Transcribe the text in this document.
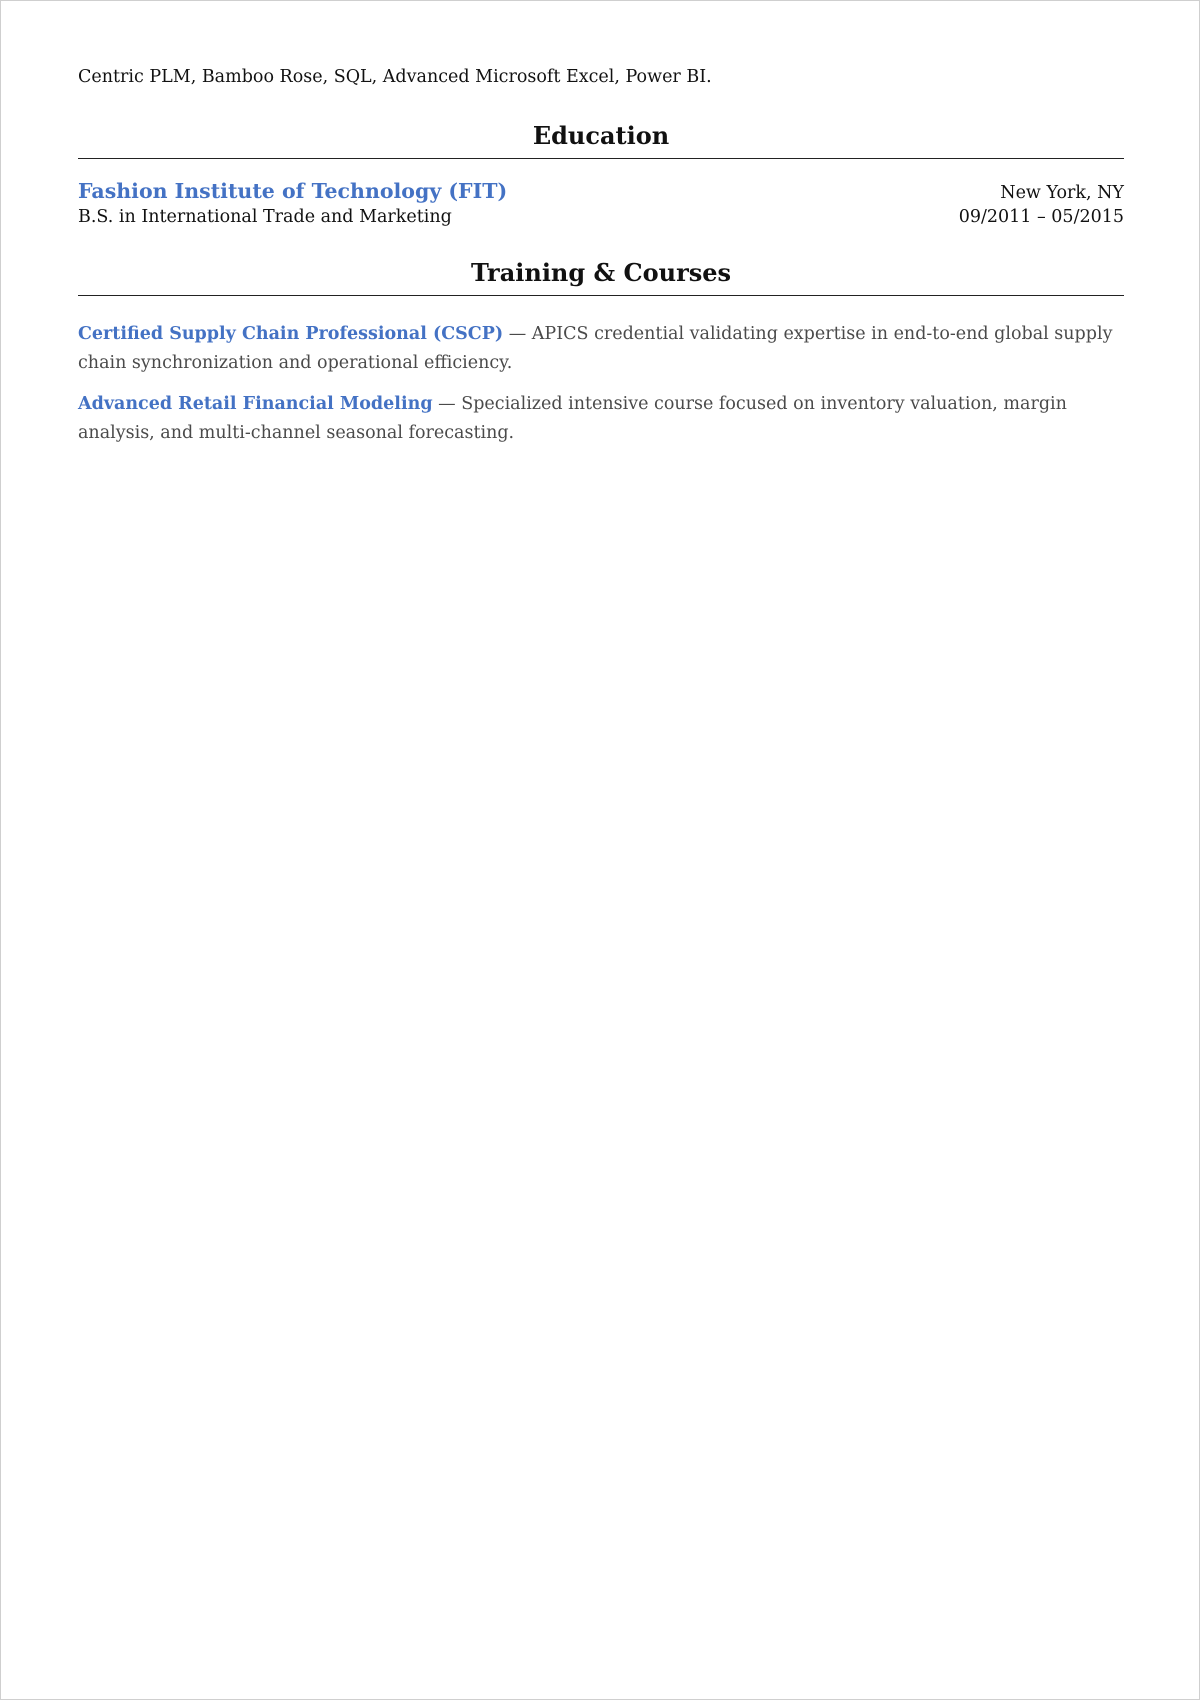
Centric PLM, Bamboo Rose, SQL, Advanced Microsoft Excel, Power BI.
Education
Fashion Institute of Technology (FIT)	New York, NY
B.S. in International Trade and Marketing	09/2011 – 05/2015
Training & Courses
Certified Supply Chain Professional (CSCP) — APICS credential validating expertise in end-to-end global supply chain synchronization and operational efficiency.
Advanced Retail Financial Modeling — Specialized intensive course focused on inventory valuation, margin analysis, and multi-channel seasonal forecasting.
